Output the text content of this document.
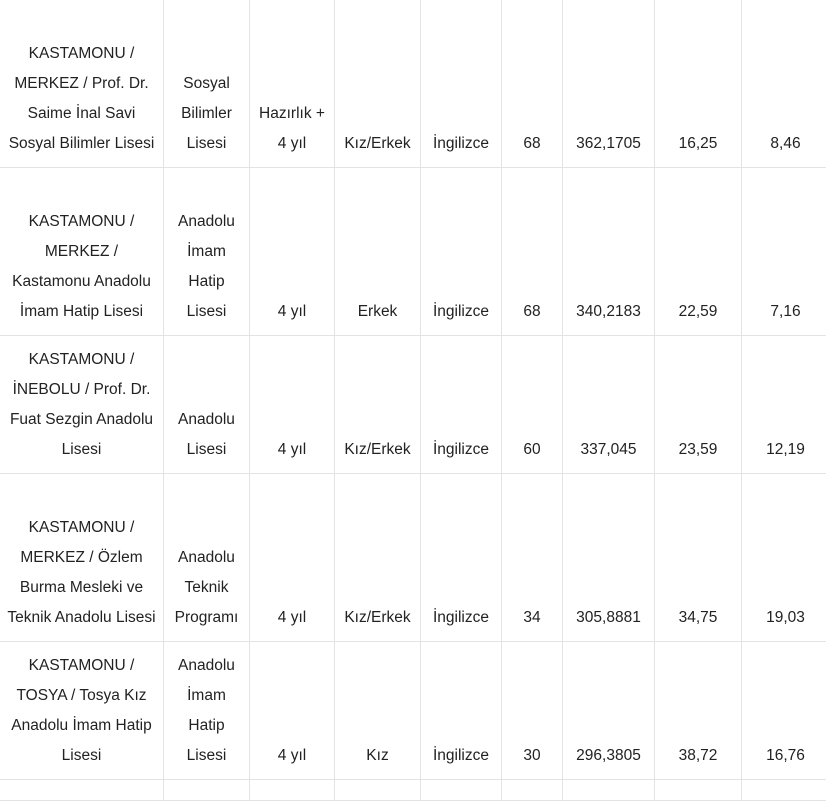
KASTAMONU / MERKEZ / Prof. Dr. Saime İnal Savi Sosyal Bilimler Lisesi	Sosyal Bilimler Lisesi	Hazırlık + 4 yıl	Kız/Erkek	İngilizce	68	362,1705	16,25	8,46
KASTAMONU / MERKEZ / Kastamonu Anadolu İmam Hatip Lisesi	Anadolu İmam Hatip Lisesi	4 yıl	Erkek	İngilizce	68	340,2183	22,59	7,16
KASTAMONU / İNEBOLU / Prof. Dr. Fuat Sezgin Anadolu Lisesi	Anadolu Lisesi	4 yıl	Kız/Erkek	İngilizce	60	337,045	23,59	12,19
KASTAMONU / MERKEZ / Özlem Burma Mesleki ve Teknik Anadolu Lisesi	Anadolu Teknik Programı	4 yıl	Kız/Erkek	İngilizce	34	305,8881	34,75	19,03
KASTAMONU / TOSYA / Tosya Kız Anadolu İmam Hatip Lisesi	Anadolu İmam Hatip Lisesi	4 yıl	Kız	İngilizce	30	296,3805	38,72	16,76
